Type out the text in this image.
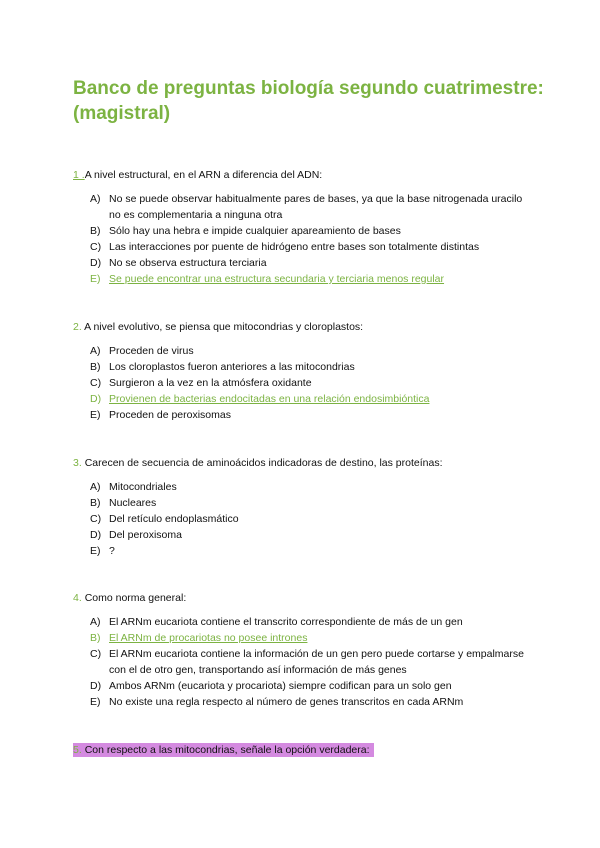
Banco de preguntas biología segundo cuatrimestre: (magistral)
1 .A nivel estructural, en el ARN a diferencia del ADN:
A) No se puede observar habitualmente pares de bases, ya que la base nitrogenada uracilo no es complementaria a ninguna otra
B) Sólo hay una hebra e impide cualquier apareamiento de bases
C) Las interacciones por puente de hidrógeno entre bases son totalmente distintas
D) No se observa estructura terciaria
E) Se puede encontrar una estructura secundaria y terciaria menos regular
2. A nivel evolutivo, se piensa que mitocondrias y cloroplastos:
A) Proceden de virus
B) Los cloroplastos fueron anteriores a las mitocondrias
C) Surgieron a la vez en la atmósfera oxidante
D) Provienen de bacterias endocitadas en una relación endosimbióntica
E) Proceden de peroxisomas
3. Carecen de secuencia de aminoácidos indicadoras de destino, las proteínas:
A) Mitocondriales
B) Nucleares
C) Del retículo endoplasmático
D) Del peroxisoma
E) ?
4. Como norma general:
A) El ARNm eucariota contiene el transcrito correspondiente de más de un gen
B) El ARNm de procariotas no posee intrones
C) El ARNm eucariota contiene la información de un gen pero puede cortarse y empalmarse con el de otro gen, transportando así información de más genes
D) Ambos ARNm (eucariota y procariota) siempre codifican para un solo gen
E) No existe una regla respecto al número de genes transcritos en cada ARNm
5. Con respecto a las mitocondrias, señale la opción verdadera:
